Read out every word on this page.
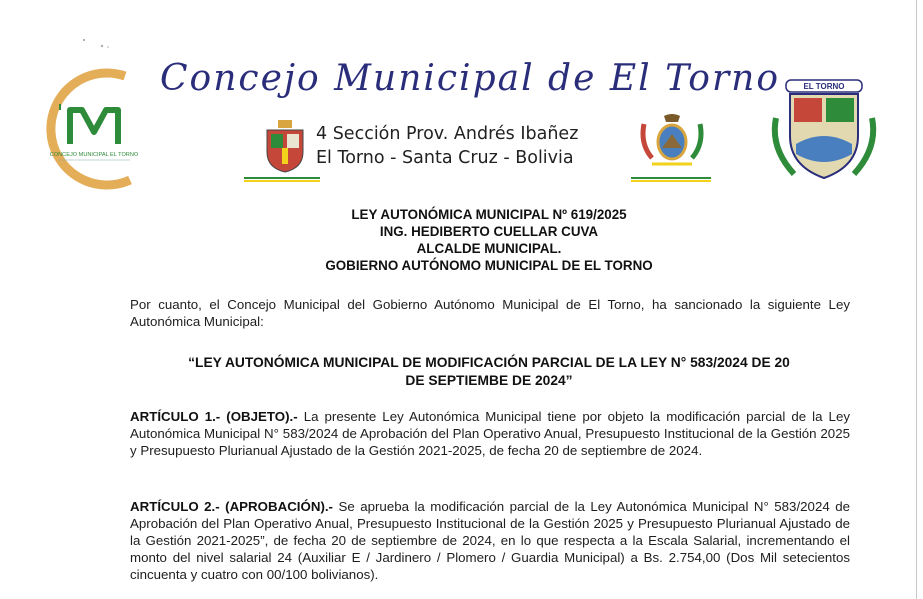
CONCEJO MUNICIPAL EL TORNO
Concejo Municipal de El Torno
4 Sección Prov. Andrés Ibañez
El Torno - Santa Cruz - Bolivia
EL TORNO
LEY AUTONÓMICA MUNICIPAL Nº 619/2025
ING. HEDIBERTO CUELLAR CUVA
ALCALDE MUNICIPAL.
GOBIERNO AUTÓNOMO MUNICIPAL DE EL TORNO
Por cuanto, el Concejo Municipal del Gobierno Autónomo Municipal de El Torno, ha sancionado la siguiente Ley Autonómica Municipal:
“LEY AUTONÓMICA MUNICIPAL DE MODIFICACIÓN PARCIAL DE LA LEY N° 583/2024 DE 20
DE SEPTIEMBE DE 2024”
ARTÍCULO 1.- (OBJETO).- La presente Ley Autonómica Municipal tiene por objeto la modificación parcial de la Ley Autonómica Municipal N° 583/2024 de Aprobación del Plan Operativo Anual, Presupuesto Institucional de la Gestión 2025 y Presupuesto Plurianual Ajustado de la Gestión 2021-2025, de fecha 20 de septiembre de 2024.
ARTÍCULO 2.- (APROBACIÓN).- Se aprueba la modificación parcial de la Ley Autonómica Municipal N° 583/2024 de Aprobación del Plan Operativo Anual, Presupuesto Institucional de la Gestión 2025 y Presupuesto Plurianual Ajustado de la Gestión 2021-2025”, de fecha 20 de septiembre de 2024, en lo que respecta a la Escala Salarial, incrementando el monto del nivel salarial 24 (Auxiliar E / Jardinero / Plomero / Guardia Municipal) a Bs. 2.754,00 (Dos Mil setecientos cincuenta y cuatro con 00/100 bolivianos).
